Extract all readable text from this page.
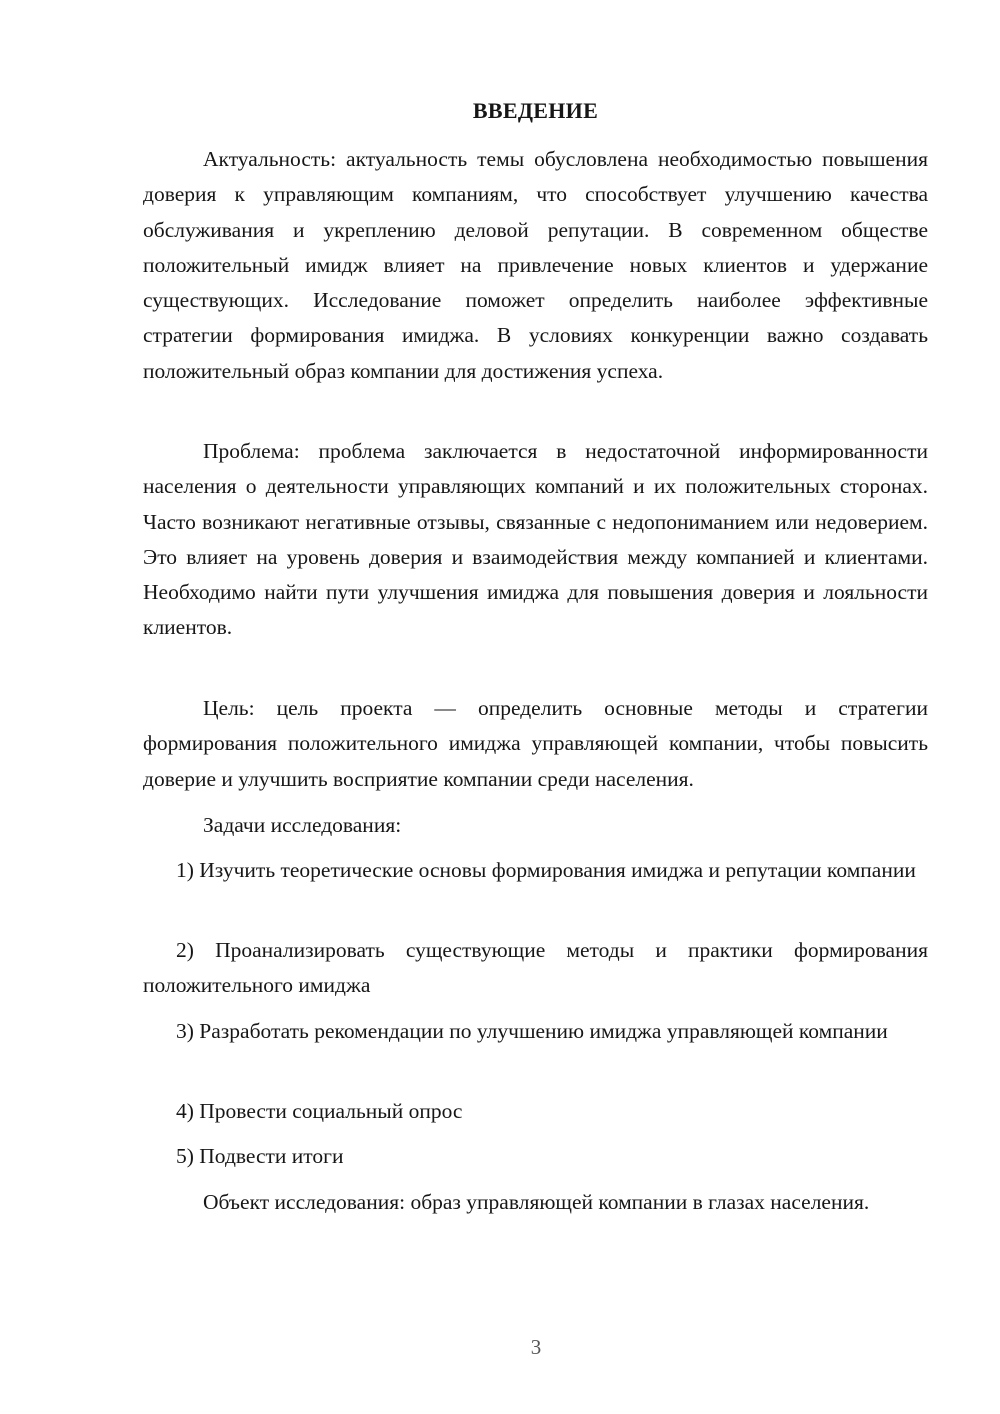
ВВЕДЕНИЕ

Актуальность: актуальность темы обусловлена необходимостью повышения доверия к управляющим компаниям, что способствует улучшению качества обслуживания и укреплению деловой репутации. В современном обществе положительный имидж влияет на привлечение новых клиентов и удержание существующих. Исследование поможет определить наиболее эффективные стратегии формирования имиджа. В условиях конкуренции важно создавать положительный образ компании для достижения успеха.

Проблема: проблема заключается в недостаточной информированности населения о деятельности управляющих компаний и их положительных сторонах. Часто возникают негативные отзывы, связанные с недопониманием или недоверием. Это влияет на уровень доверия и взаимодействия между компанией и клиентами. Необходимо найти пути улучшения имиджа для повышения доверия и лояльности клиентов.

Цель: цель проекта — определить основные методы и стратегии формирования положительного имиджа управляющей компании, чтобы повысить доверие и улучшить восприятие компании среди населения.

Задачи исследования:

1) Изучить теоретические основы формирования имиджа и репутации компании

2) Проанализировать существующие методы и практики формирования положительного имиджа

3) Разработать рекомендации по улучшению имиджа управляющей компании

4) Провести социальный опрос

5) Подвести итоги

Объект исследования: образ управляющей компании в глазах населения.

3
